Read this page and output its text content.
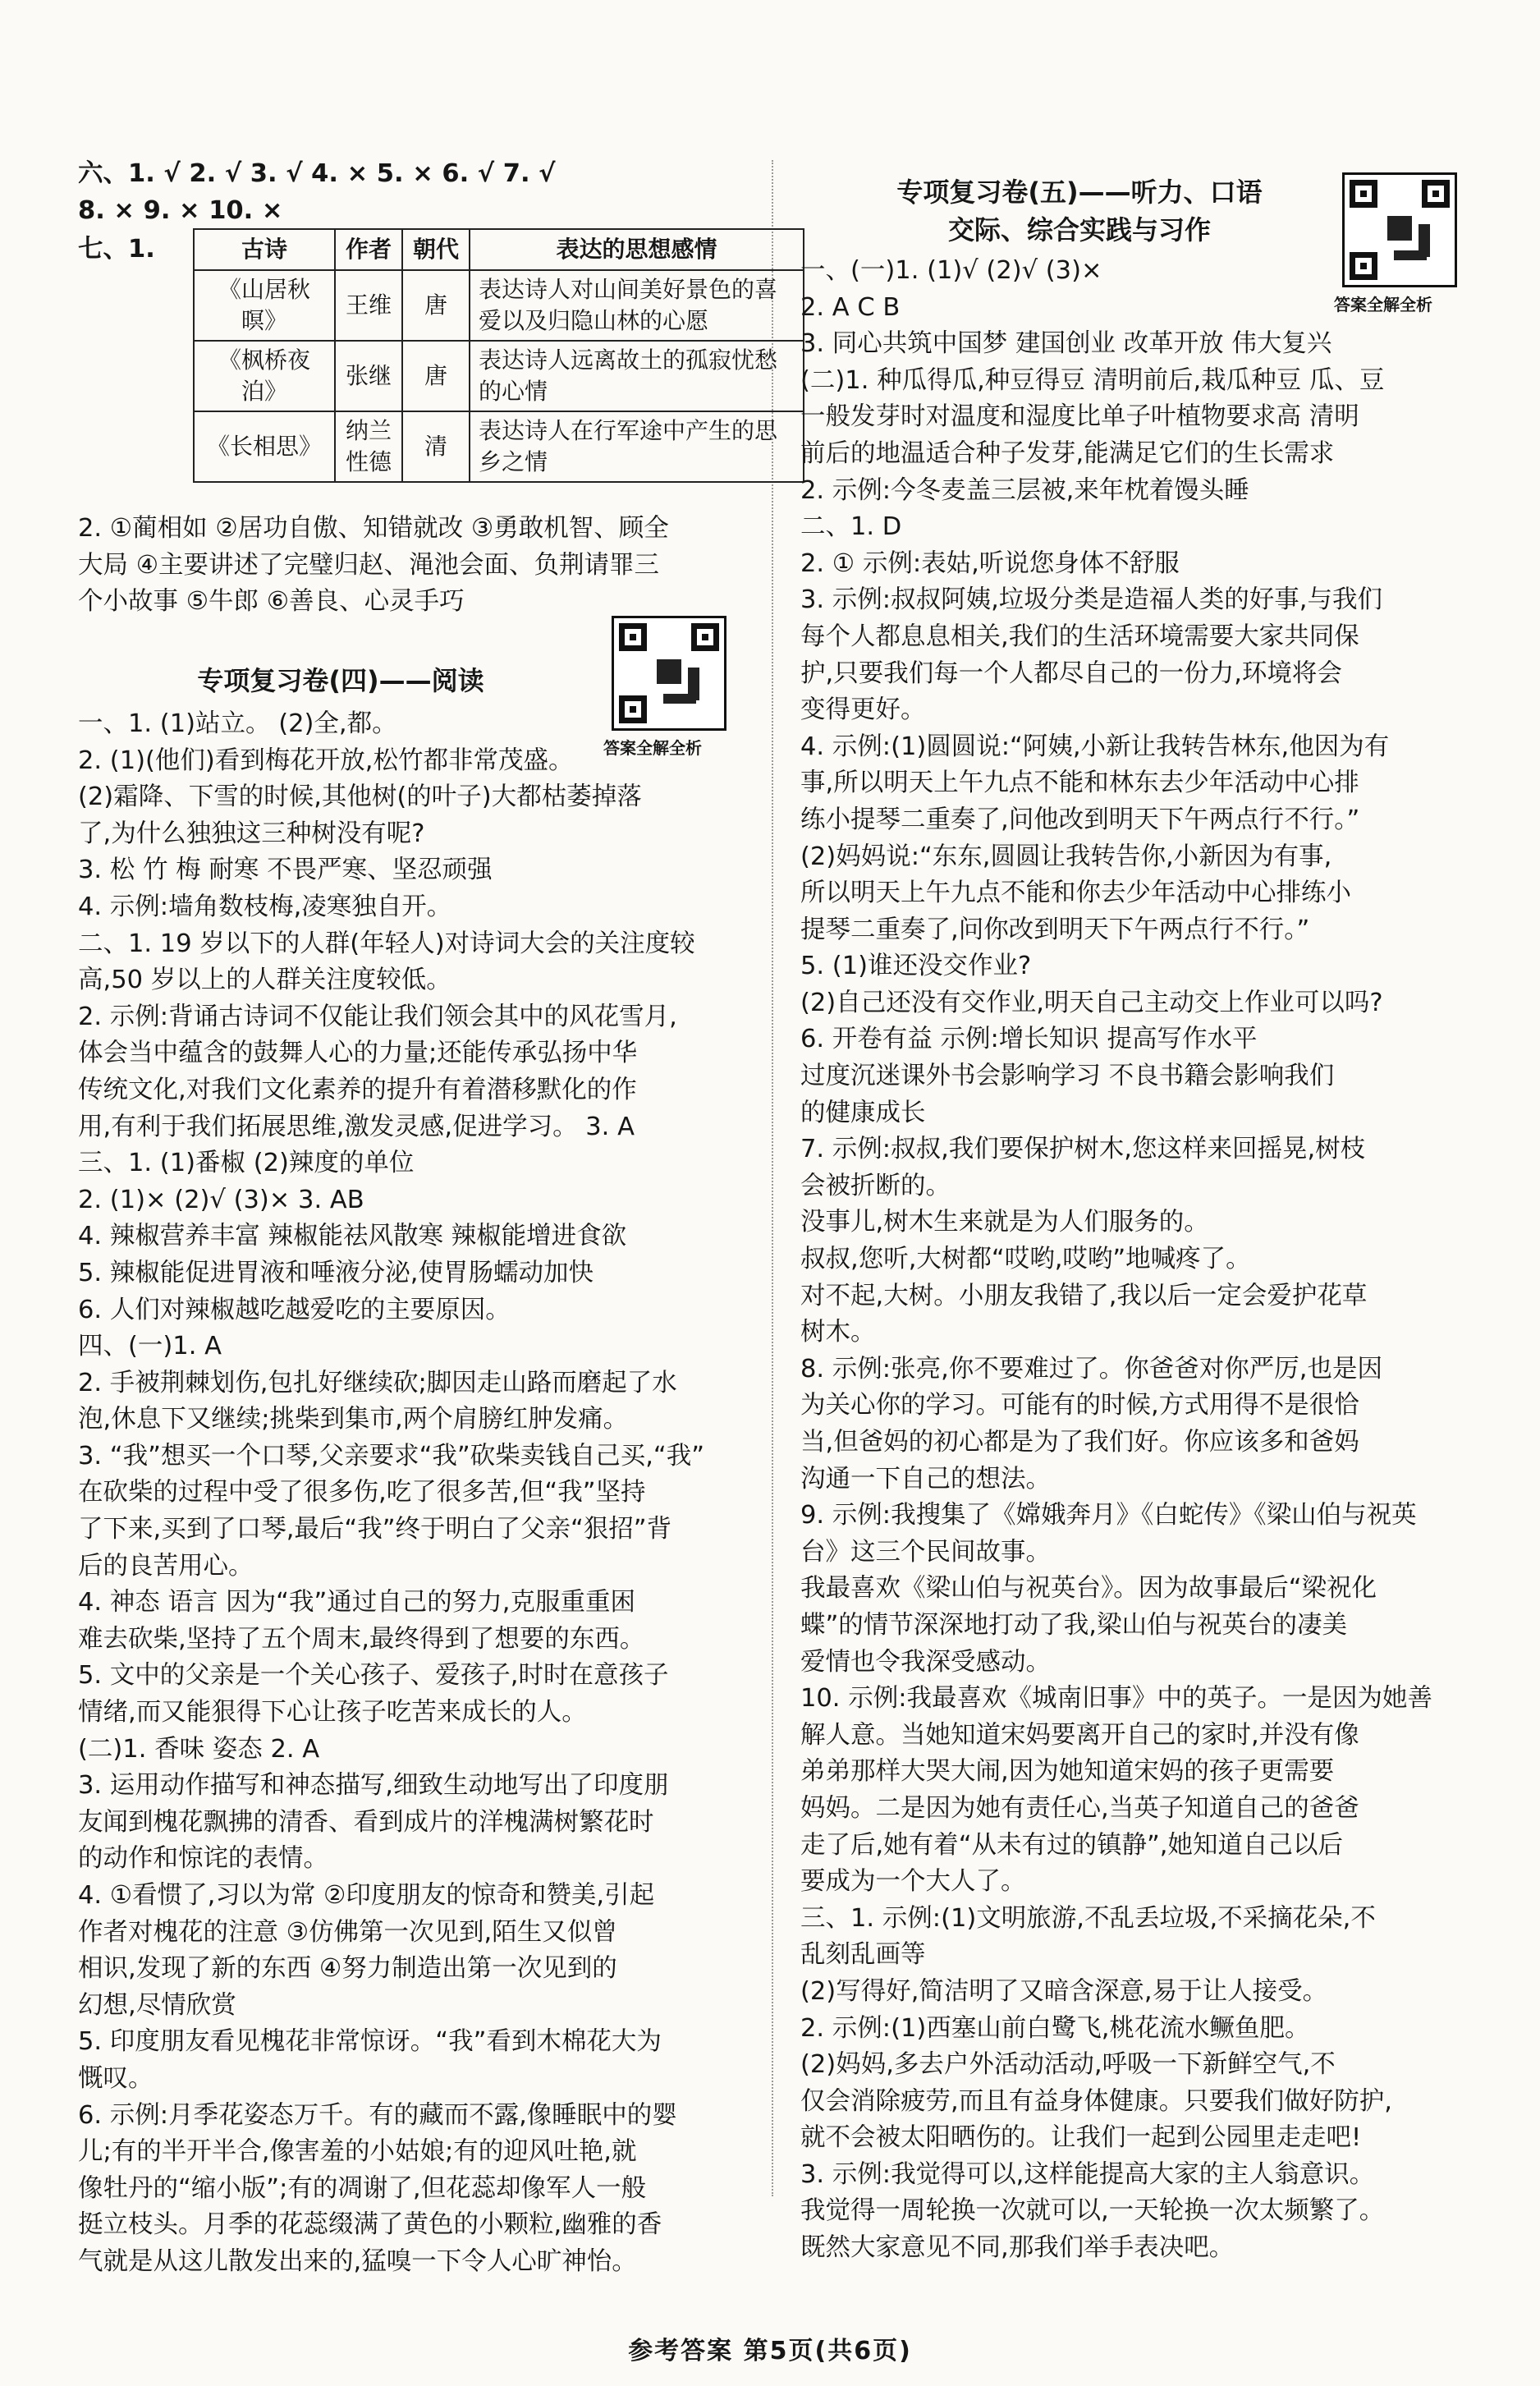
六、1. √ 2. √ 3. √ 4. × 5. × 6. √ 7. √
8. × 9. × 10. ×
七、1.	古诗	作者	朝代	表达的思想感情
《山居秋暝》	王维	唐	表达诗人对山间美好景色的喜爱以及归隐山林的心愿
《枫桥夜泊》	张继	唐	表达诗人远离故土的孤寂忧愁的心情
《长相思》	纳兰性德	清	表达诗人在行军途中产生的思乡之情
2. ①蔺相如 ②居功自傲、知错就改 ③勇敢机智、顾全
大局 ④主要讲述了完璧归赵、渑池会面、负荆请罪三
个小故事 ⑤牛郎 ⑥善良、心灵手巧
答案全解全析
专项复习卷(四)——阅读
一、1. (1)站立。 (2)全,都。
2. (1)(他们)看到梅花开放,松竹都非常茂盛。
(2)霜降、下雪的时候,其他树(的叶子)大都枯萎掉落
了,为什么独独这三种树没有呢?
3. 松 竹 梅 耐寒 不畏严寒、坚忍顽强
4. 示例:墙角数枝梅,凌寒独自开。
二、1. 19 岁以下的人群(年轻人)对诗词大会的关注度较
高,50 岁以上的人群关注度较低。
2. 示例:背诵古诗词不仅能让我们领会其中的风花雪月,
体会当中蕴含的鼓舞人心的力量;还能传承弘扬中华
传统文化,对我们文化素养的提升有着潜移默化的作
用,有利于我们拓展思维,激发灵感,促进学习。 3. A
三、1. (1)番椒 (2)辣度的单位
2. (1)× (2)√ (3)× 3. AB
4. 辣椒营养丰富 辣椒能祛风散寒 辣椒能增进食欲
5. 辣椒能促进胃液和唾液分泌,使胃肠蠕动加快
6. 人们对辣椒越吃越爱吃的主要原因。
四、(一)1. A
2. 手被荆棘划伤,包扎好继续砍;脚因走山路而磨起了水
泡,休息下又继续;挑柴到集市,两个肩膀红肿发痛。
3. “我”想买一个口琴,父亲要求“我”砍柴卖钱自己买,“我”
在砍柴的过程中受了很多伤,吃了很多苦,但“我”坚持
了下来,买到了口琴,最后“我”终于明白了父亲“狠招”背
后的良苦用心。
4. 神态 语言 因为“我”通过自己的努力,克服重重困
难去砍柴,坚持了五个周末,最终得到了想要的东西。
5. 文中的父亲是一个关心孩子、爱孩子,时时在意孩子
情绪,而又能狠得下心让孩子吃苦来成长的人。
(二)1. 香味 姿态 2. A
3. 运用动作描写和神态描写,细致生动地写出了印度朋
友闻到槐花飘拂的清香、看到成片的洋槐满树繁花时
的动作和惊诧的表情。
4. ①看惯了,习以为常 ②印度朋友的惊奇和赞美,引起
作者对槐花的注意 ③仿佛第一次见到,陌生又似曾
相识,发现了新的东西 ④努力制造出第一次见到的
幻想,尽情欣赏
5. 印度朋友看见槐花非常惊讶。“我”看到木棉花大为
慨叹。
6. 示例:月季花姿态万千。有的藏而不露,像睡眠中的婴
儿;有的半开半合,像害羞的小姑娘;有的迎风吐艳,就
像牡丹的“缩小版”;有的凋谢了,但花蕊却像军人一般
挺立枝头。月季的花蕊缀满了黄色的小颗粒,幽雅的香
气就是从这儿散发出来的,猛嗅一下令人心旷神怡。
专项复习卷(五)——听力、口语
交际、综合实践与习作
答案全解全析
一、(一)1. (1)√ (2)√ (3)×
2. A C B
3. 同心共筑中国梦 建国创业 改革开放 伟大复兴
(二)1. 种瓜得瓜,种豆得豆 清明前后,栽瓜种豆 瓜、豆
一般发芽时对温度和湿度比单子叶植物要求高 清明
前后的地温适合种子发芽,能满足它们的生长需求
2. 示例:今冬麦盖三层被,来年枕着馒头睡
二、1. D
2. ① 示例:表姑,听说您身体不舒服
3. 示例:叔叔阿姨,垃圾分类是造福人类的好事,与我们
每个人都息息相关,我们的生活环境需要大家共同保
护,只要我们每一个人都尽自己的一份力,环境将会
变得更好。
4. 示例:(1)圆圆说:“阿姨,小新让我转告林东,他因为有
事,所以明天上午九点不能和林东去少年活动中心排
练小提琴二重奏了,问他改到明天下午两点行不行。”
(2)妈妈说:“东东,圆圆让我转告你,小新因为有事,
所以明天上午九点不能和你去少年活动中心排练小
提琴二重奏了,问你改到明天下午两点行不行。”
5. (1)谁还没交作业?
(2)自己还没有交作业,明天自己主动交上作业可以吗?
6. 开卷有益 示例:增长知识 提高写作水平
过度沉迷课外书会影响学习 不良书籍会影响我们
的健康成长
7. 示例:叔叔,我们要保护树木,您这样来回摇晃,树枝
会被折断的。
没事儿,树木生来就是为人们服务的。
叔叔,您听,大树都“哎哟,哎哟”地喊疼了。
对不起,大树。小朋友我错了,我以后一定会爱护花草
树木。
8. 示例:张亮,你不要难过了。你爸爸对你严厉,也是因
为关心你的学习。可能有的时候,方式用得不是很恰
当,但爸妈的初心都是为了我们好。你应该多和爸妈
沟通一下自己的想法。
9. 示例:我搜集了《嫦娥奔月》《白蛇传》《梁山伯与祝英
台》这三个民间故事。
我最喜欢《梁山伯与祝英台》。因为故事最后“梁祝化
蝶”的情节深深地打动了我,梁山伯与祝英台的凄美
爱情也令我深受感动。
10. 示例:我最喜欢《城南旧事》中的英子。一是因为她善
解人意。当她知道宋妈要离开自己的家时,并没有像
弟弟那样大哭大闹,因为她知道宋妈的孩子更需要
妈妈。二是因为她有责任心,当英子知道自己的爸爸
走了后,她有着“从未有过的镇静”,她知道自己以后
要成为一个大人了。
三、1. 示例:(1)文明旅游,不乱丢垃圾,不采摘花朵,不
乱刻乱画等
(2)写得好,简洁明了又暗含深意,易于让人接受。
2. 示例:(1)西塞山前白鹭飞,桃花流水鳜鱼肥。
(2)妈妈,多去户外活动活动,呼吸一下新鲜空气,不
仅会消除疲劳,而且有益身体健康。只要我们做好防护,
就不会被太阳晒伤的。让我们一起到公园里走走吧!
3. 示例:我觉得可以,这样能提高大家的主人翁意识。
我觉得一周轮换一次就可以,一天轮换一次太频繁了。
既然大家意见不同,那我们举手表决吧。
参考答案 第5页(共6页)
